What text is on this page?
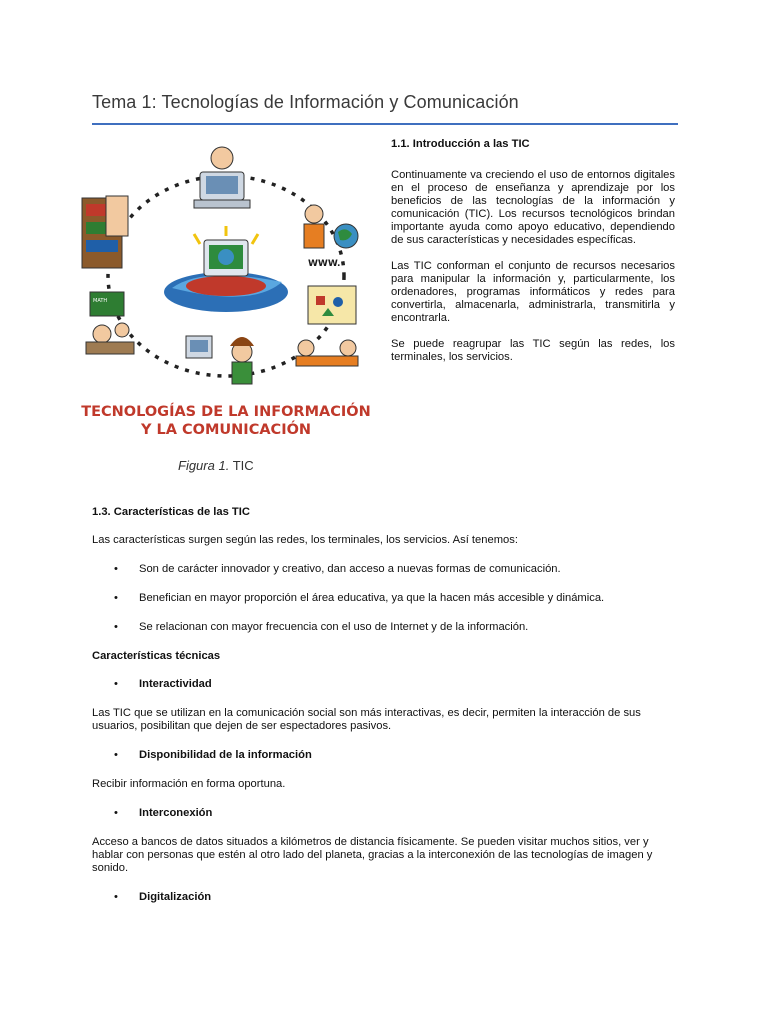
Tema 1: Tecnologías de Información y Comunicación
WWW.
MATH
TECNOLOGÍAS DE LA INFORMACIÓN
Y LA COMUNICACIÓN
Figura 1. TIC
1.1. Introducción a las TIC

Continuamente va creciendo el uso de entornos digitales en el proceso de enseñanza y aprendizaje por los beneficios de las tecnologías de la información y comunicación (TIC). Los recursos tecnológicos brindan importante ayuda como apoyo educativo, dependiendo de sus características y necesidades específicas.

Las TIC conforman el conjunto de recursos necesarios para manipular la información y, particularmente, los ordenadores, programas informáticos y redes para convertirla, almacenarla, administrarla, transmitirla y encontrarla.

Se puede reagrupar las TIC según las redes, los terminales, los servicios.

1.3. Características de las TIC

Las características surgen según las redes, los terminales, los servicios. Así tenemos:

•	Son de carácter innovador y creativo, dan acceso a nuevas formas de comunicación.
•	Benefician en mayor proporción el área educativa, ya que la hacen más accesible y dinámica.
•	Se relacionan con mayor frecuencia con el uso de Internet y de la información.
Características técnicas
•	Interactividad

Las TIC que se utilizan en la comunicación social son más interactivas, es decir, permiten la interacción de sus usuarios, posibilitan que dejen de ser espectadores pasivos.

•	Disponibilidad de la información

Recibir información en forma oportuna.

•	Interconexión

Acceso a bancos de datos situados a kilómetros de distancia físicamente. Se pueden visitar muchos sitios, ver y hablar con personas que estén al otro lado del planeta, gracias a la interconexión de las tecnologías de imagen y sonido.

•	Digitalización
